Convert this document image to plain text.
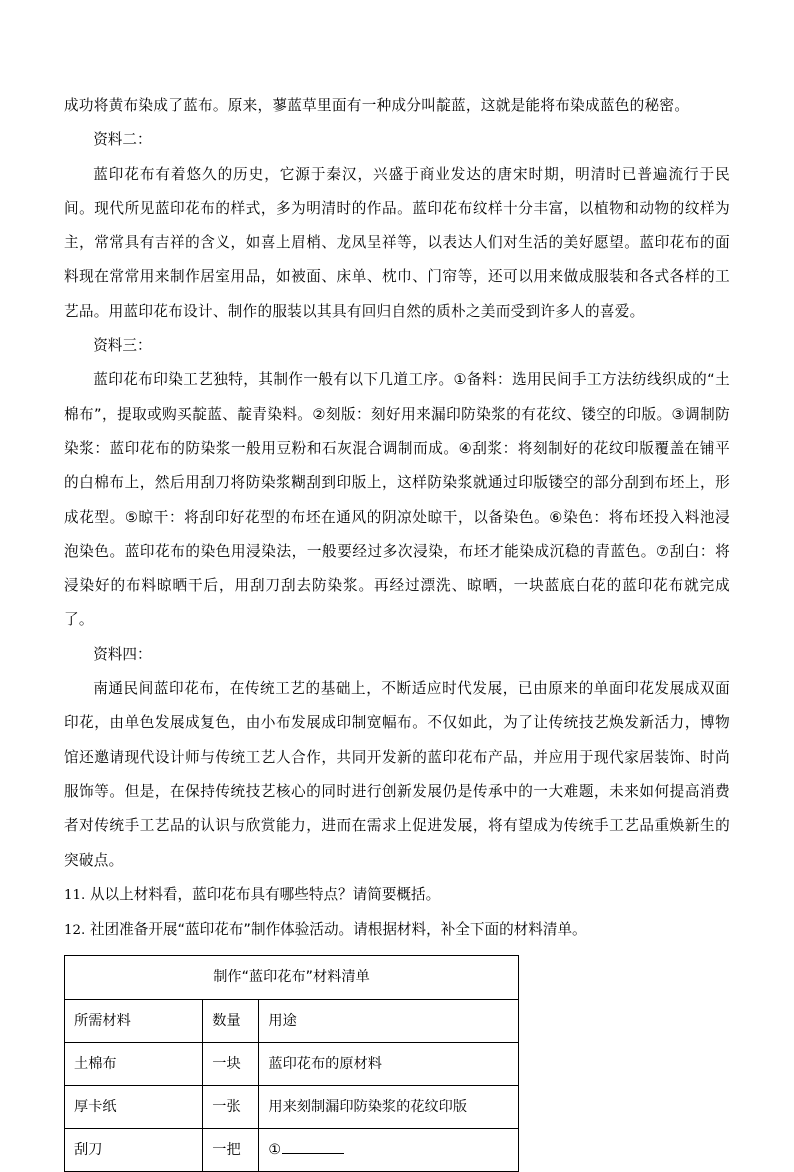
成功将黄布染成了蓝布。原来，蓼蓝草里面有一种成分叫靛蓝，这就是能将布染成蓝色的秘密。

资料二：

蓝印花布有着悠久的历史，它源于秦汉，兴盛于商业发达的唐宋时期，明清时已普遍流行于民间。现代所见蓝印花布的样式，多为明清时的作品。蓝印花布纹样十分丰富，以植物和动物的纹样为主，常常具有吉祥的含义，如喜上眉梢、龙凤呈祥等，以表达人们对生活的美好愿望。蓝印花布的面料现在常常用来制作居室用品，如被面、床单、枕巾、门帘等，还可以用来做成服装和各式各样的工艺品。用蓝印花布设计、制作的服装以其具有回归自然的质朴之美而受到许多人的喜爱。

资料三：

蓝印花布印染工艺独特，其制作一般有以下几道工序。①备料：选用民间手工方法纺线织成的“土棉布”，提取或购买靛蓝、靛青染料。②刻版：刻好用来漏印防染浆的有花纹、镂空的印版。③调制防染浆：蓝印花布的防染浆一般用豆粉和石灰混合调制而成。④刮浆：将刻制好的花纹印版覆盖在铺平的白棉布上，然后用刮刀将防染浆糊刮到印版上，这样防染浆就通过印版镂空的部分刮到布坯上，形成花型。⑤晾干：将刮印好花型的布坯在通风的阴凉处晾干，以备染色。⑥染色：将布坯投入料池浸泡染色。蓝印花布的染色用浸染法，一般要经过多次浸染，布坯才能染成沉稳的青蓝色。⑦刮白：将浸染好的布料晾晒干后，用刮刀刮去防染浆。再经过漂洗、晾晒，一块蓝底白花的蓝印花布就完成了。

资料四：

南通民间蓝印花布，在传统工艺的基础上，不断适应时代发展，已由原来的单面印花发展成双面印花，由单色发展成复色，由小布发展成印制宽幅布。不仅如此，为了让传统技艺焕发新活力，博物馆还邀请现代设计师与传统工艺人合作，共同开发新的蓝印花布产品，并应用于现代家居装饰、时尚服饰等。但是，在保持传统技艺核心的同时进行创新发展仍是传承中的一大难题，未来如何提高消费者对传统手工艺品的认识与欣赏能力，进而在需求上促进发展，将有望成为传统手工艺品重焕新生的突破点。

11. 从以上材料看，蓝印花布具有哪些特点？请简要概括。

12. 社团准备开展“蓝印花布”制作体验活动。请根据材料，补全下面的材料清单。

制作“蓝印花布”材料清单		
所需材料	数量	用途
土棉布	一块	蓝印花布的原材料
厚卡纸	一张	用来刻制漏印防染浆的花纹印版
刮刀	一把	①
